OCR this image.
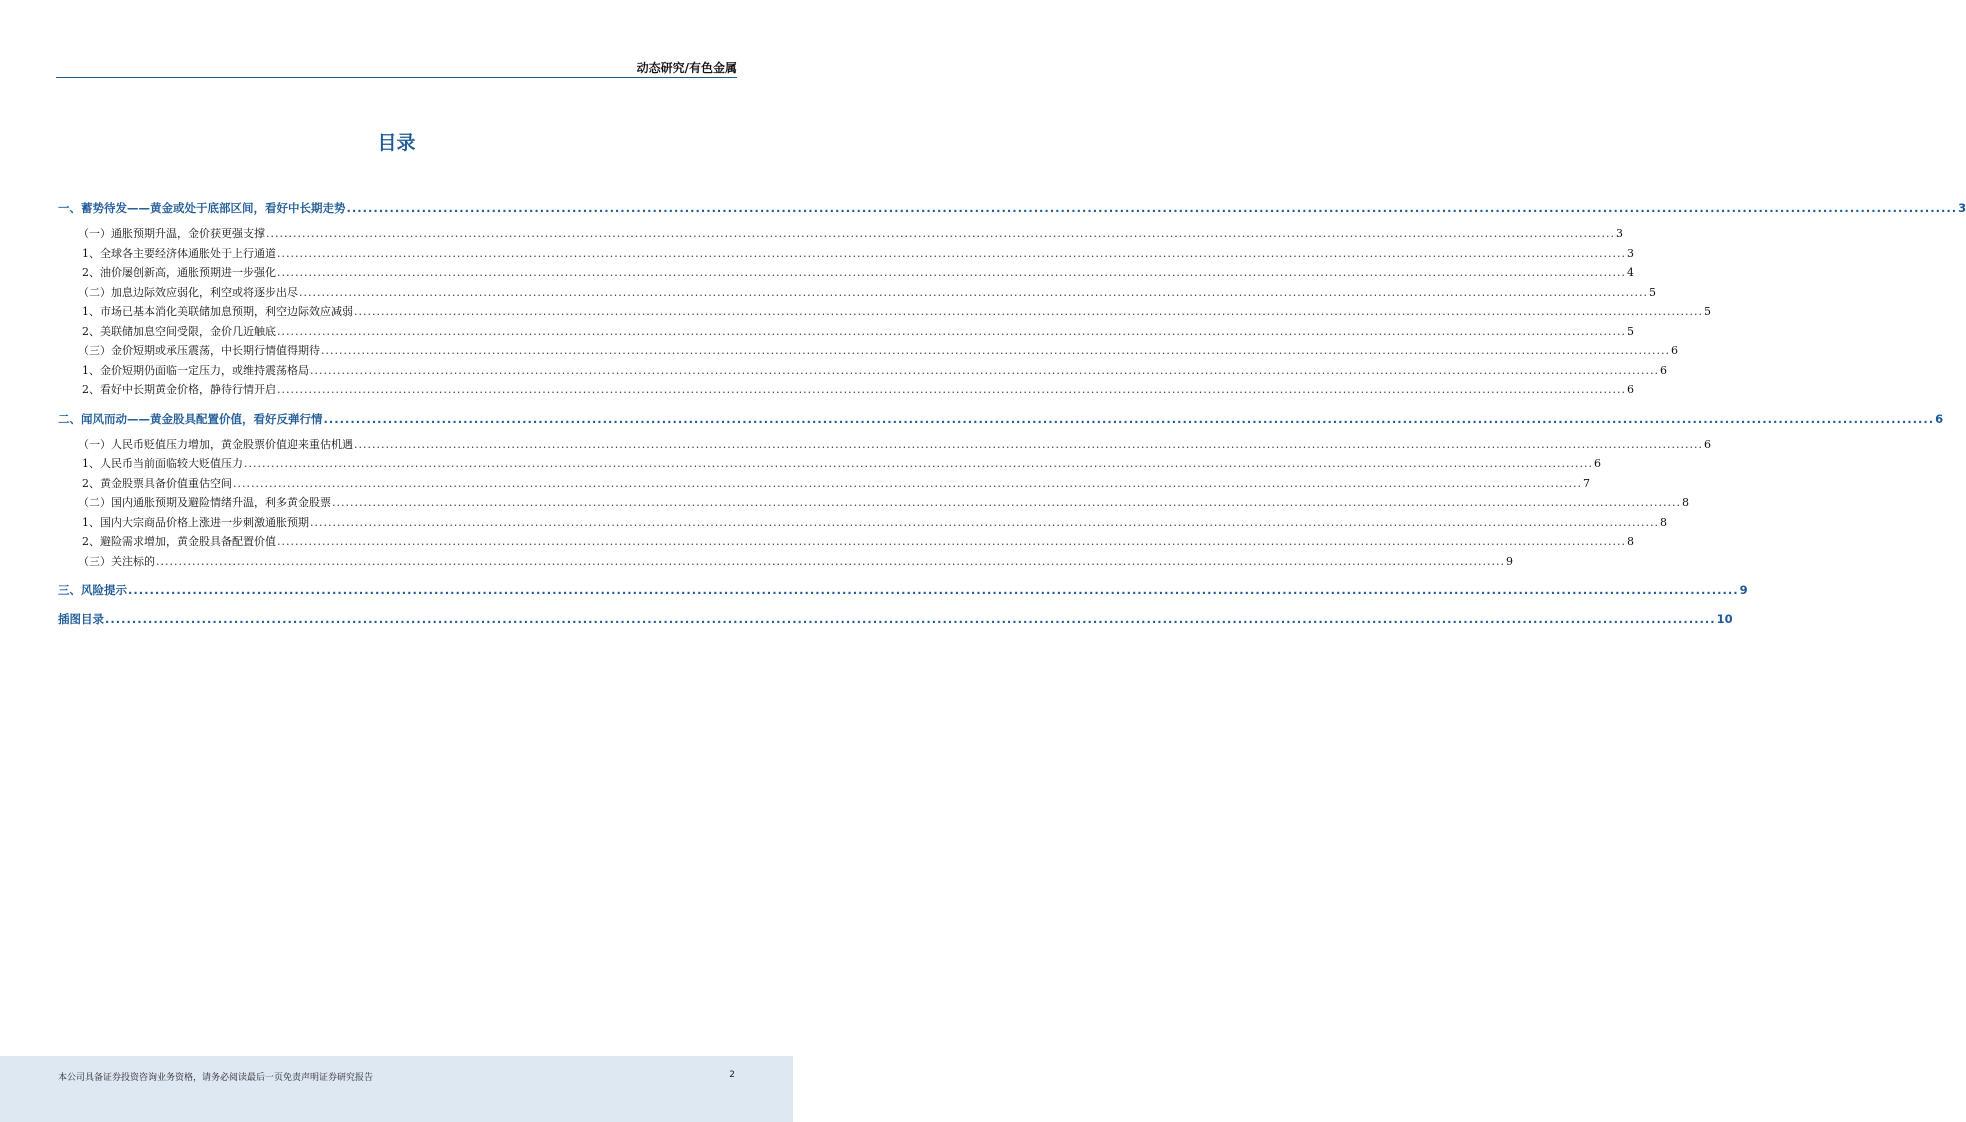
动态研究/有色金属
目录
一、蓄势待发——黄金或处于底部区间，看好中长期走势 ............................................................................................................................................................................................................................................................................................................ 3
（一）通胀预期升温，金价获更强支撑 ............................................................................................................................................................................................................................................................................................................ 3
1、全球各主要经济体通胀处于上行通道 ............................................................................................................................................................................................................................................................................................................ 3
2、油价屡创新高，通胀预期进一步强化 ............................................................................................................................................................................................................................................................................................................ 4
（二）加息边际效应弱化，利空或将逐步出尽 ............................................................................................................................................................................................................................................................................................................ 5
1、市场已基本消化美联储加息预期，利空边际效应减弱 ............................................................................................................................................................................................................................................................................................................ 5
2、美联储加息空间受限，金价几近触底 ............................................................................................................................................................................................................................................................................................................ 5
（三）金价短期或承压震荡，中长期行情值得期待 ............................................................................................................................................................................................................................................................................................................ 6
1、金价短期仍面临一定压力，或维持震荡格局 ............................................................................................................................................................................................................................................................................................................ 6
2、看好中长期黄金价格，静待行情开启 ............................................................................................................................................................................................................................................................................................................ 6
二、闻风而动——黄金股具配置价值，看好反弹行情 ............................................................................................................................................................................................................................................................................................................ 6
（一）人民币贬值压力增加，黄金股票价值迎来重估机遇 ............................................................................................................................................................................................................................................................................................................ 6
1、人民币当前面临较大贬值压力 ............................................................................................................................................................................................................................................................................................................ 6
2、黄金股票具备价值重估空间 ............................................................................................................................................................................................................................................................................................................ 7
（二）国内通胀预期及避险情绪升温，利多黄金股票 ............................................................................................................................................................................................................................................................................................................ 8
1、国内大宗商品价格上涨进一步刺激通胀预期 ............................................................................................................................................................................................................................................................................................................ 8
2、避险需求增加，黄金股具备配置价值 ............................................................................................................................................................................................................................................................................................................ 8
（三）关注标的 ............................................................................................................................................................................................................................................................................................................ 9
三、风险提示 ............................................................................................................................................................................................................................................................................................................ 9
插图目录 ............................................................................................................................................................................................................................................................................................................ 10
本公司具备证券投资咨询业务资格，请务必阅读最后一页免责声明证券研究报告	2
